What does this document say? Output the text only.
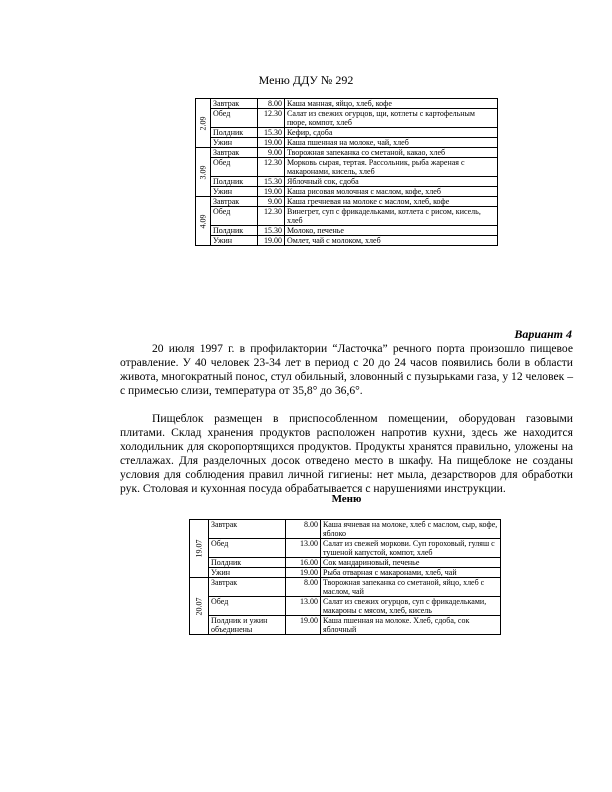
Меню ДДУ № 292
2.09	Завтрак	8.00	Каша манная, яйцо, хлеб, кофе
	Обед	12.30	Салат из свежих огурцов, щи, котлеты с картофельным пюре, компот, хлеб
	Полдник	15.30	Кефир, сдоба
	Ужин	19.00	Каша пшенная на молоке, чай, хлеб
3.09	Завтрак	9.00	Творожная запеканка со сметаной, какао, хлеб
	Обед	12.30	Морковь сырая, тертая. Рассольник, рыба жареная с макаронами, кисель, хлеб
	Полдник	15.30	Яблочный сок, сдоба
	Ужин	19.00	Каша рисовая молочная с маслом, кофе, хлеб
4.09	Завтрак	9.00	Каша гречневая на молоке с маслом, хлеб, кофе
	Обед	12.30	Винегрет, суп с фрикадельками, котлета с рисом, кисель, хлеб
	Полдник	15.30	Молоко, печенье
	Ужин	19.00	Омлет, чай с молоком, хлеб
Вариант 4

20 июля 1997 г. в профилактории “Ласточка” речного порта произошло пищевое отравление. У 40 человек 23-34 лет в период с 20 до 24 часов появились боли в области живота, многократный понос, стул обильный, зловонный с пузырьками газа, у 12 человек – с примесью слизи, температура от 35,8° до 36,6°.

Пищеблок размещен в приспособленном помещении, оборудован газовыми плитами. Склад хранения продуктов расположен напротив кухни, здесь же находится холодильник для скоропортящихся продуктов. Продукты хранятся правильно, уложены на стеллажах. Для разделочных досок отведено место в шкафу. На пищеблоке не созданы условия для соблюдения правил личной гигиены: нет мыла, дезарстворов для обработки рук. Столовая и кухонная посуда обрабатывается с нарушениями инструкции.

Меню
19.07	Завтрак	8.00	Каша ячневая на молоке, хлеб с маслом, сыр, кофе, яблоко
	Обед	13.00	Салат из свежей моркови. Суп гороховый, гуляш с тушеной капустой, компот, хлеб
	Полдник	16.00	Сок мандариновый, печенье
	Ужин	19.00	Рыба отварная с макаронами, хлеб, чай
20.07	Завтрак	8.00	Творожная запеканка со сметаной, яйцо, хлеб с маслом, чай
	Обед	13.00	Салат из свежих огурцов, суп с фрикадельками, макароны с мясом, хлеб, кисель
	Полдник и ужин объединены	19.00	Каша пшенная на молоке. Хлеб, сдоба, сок яблочный
